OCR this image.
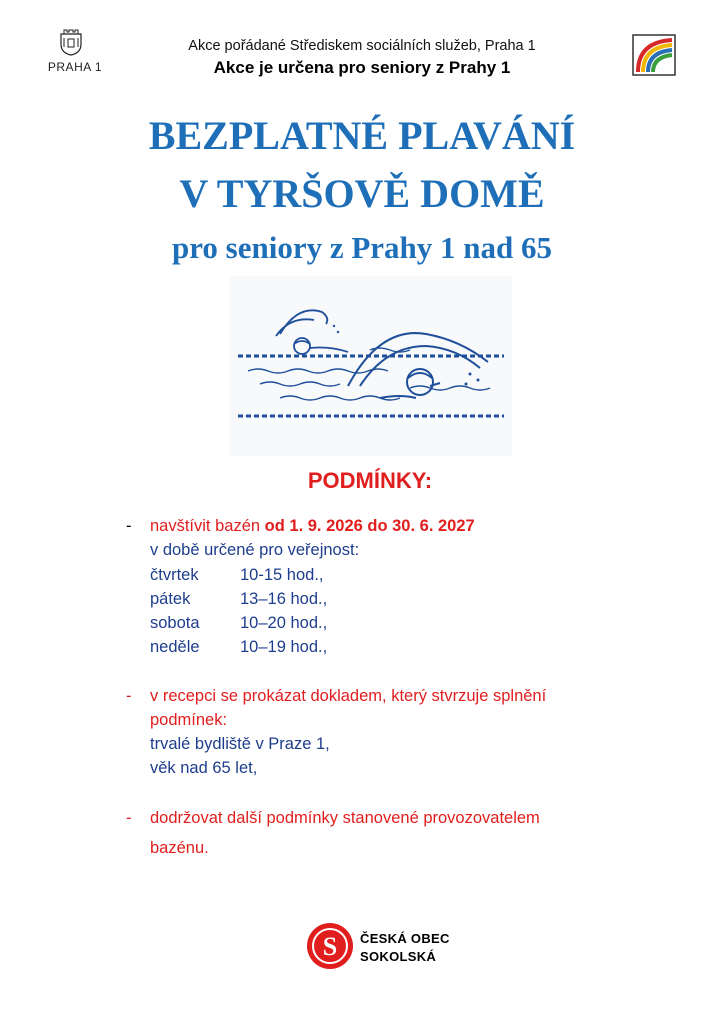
PRAHA 1
Akce pořádané Střediskem sociálních služeb, Praha 1
Akce je určena pro seniory z Prahy 1
BEZPLATNÉ PLAVÁNÍ
V TYRŠOVĚ DOMĚ
pro seniory z Prahy 1 nad 65
PODMÍNKY:
- navštívit bazén od 1. 9. 2026 do 30. 6. 2027
v době určené pro veřejnost:
čtvrtek	10-15 hod.,
pátek	13–16 hod.,
sobota 10–20 hod.,
neděle 10–19 hod.,
- v recepci se prokázat dokladem, který stvrzuje splnění
podmínek:
trvalé bydliště v Praze 1,
věk nad 65 let,
- dodržovat další podmínky stanovené provozovatelem
bazénu.
S ČESKÁ OBEC
SOKOLSKÁ
